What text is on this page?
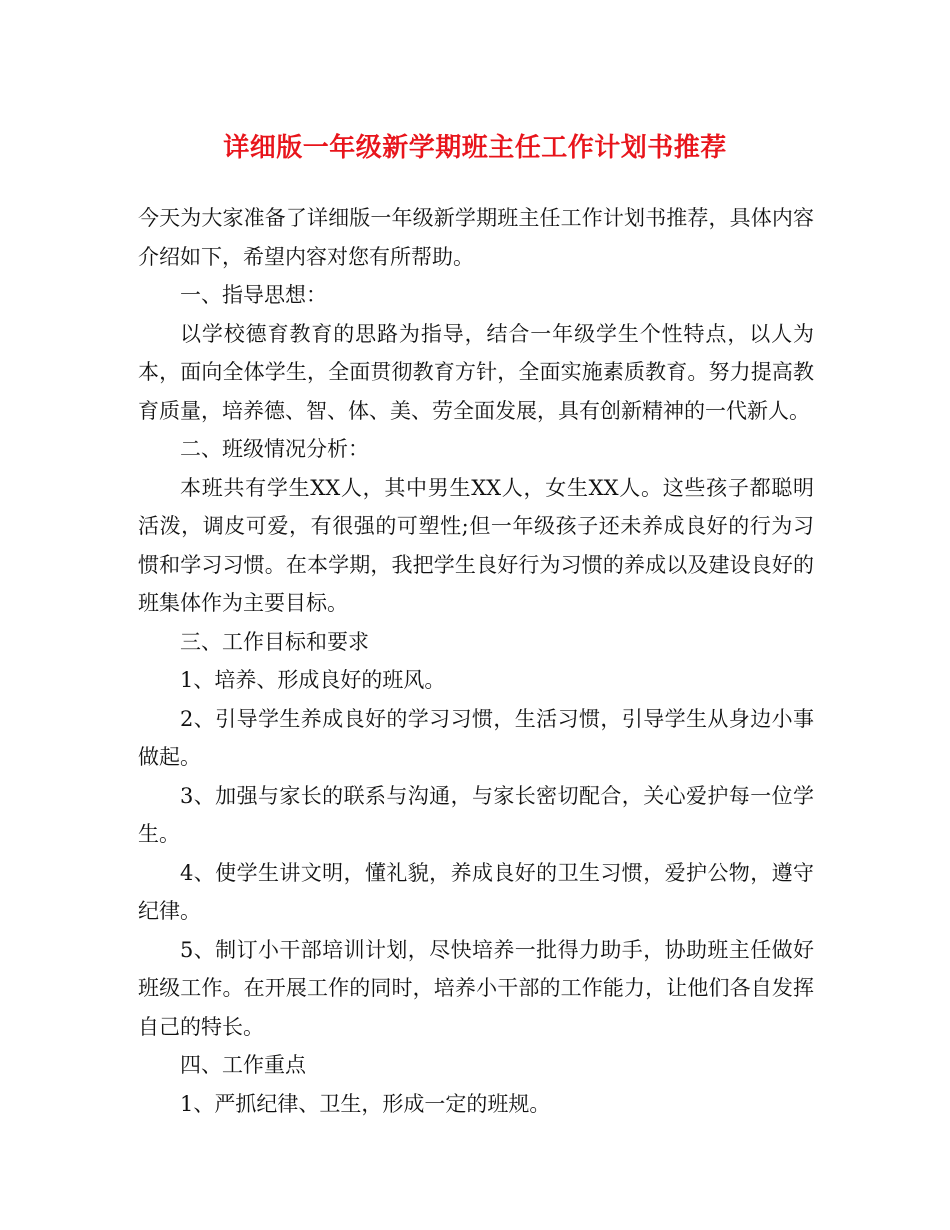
详细版一年级新学期班主任工作计划书推荐

今天为大家准备了详细版一年级新学期班主任工作计划书推荐，具体内容介绍如下，希望内容对您有所帮助。

一、指导思想：

以学校德育教育的思路为指导，结合一年级学生个性特点，以人为本，面向全体学生，全面贯彻教育方针，全面实施素质教育。努力提高教育质量，培养德、智、体、美、劳全面发展，具有创新精神的一代新人。

二、班级情况分析：

本班共有学生XX人，其中男生XX人，女生XX人。这些孩子都聪明活泼，调皮可爱，有很强的可塑性;但一年级孩子还未养成良好的行为习惯和学习习惯。在本学期，我把学生良好行为习惯的养成以及建设良好的班集体作为主要目标。

三、工作目标和要求

1、培养、形成良好的班风。

2、引导学生养成良好的学习习惯，生活习惯，引导学生从身边小事做起。

3、加强与家长的联系与沟通，与家长密切配合，关心爱护每一位学生。

4、使学生讲文明，懂礼貌，养成良好的卫生习惯，爱护公物，遵守纪律。

5、制订小干部培训计划，尽快培养一批得力助手，协助班主任做好班级工作。在开展工作的同时，培养小干部的工作能力，让他们各自发挥自己的特长。

四、工作重点

1、严抓纪律、卫生，形成一定的班规。
